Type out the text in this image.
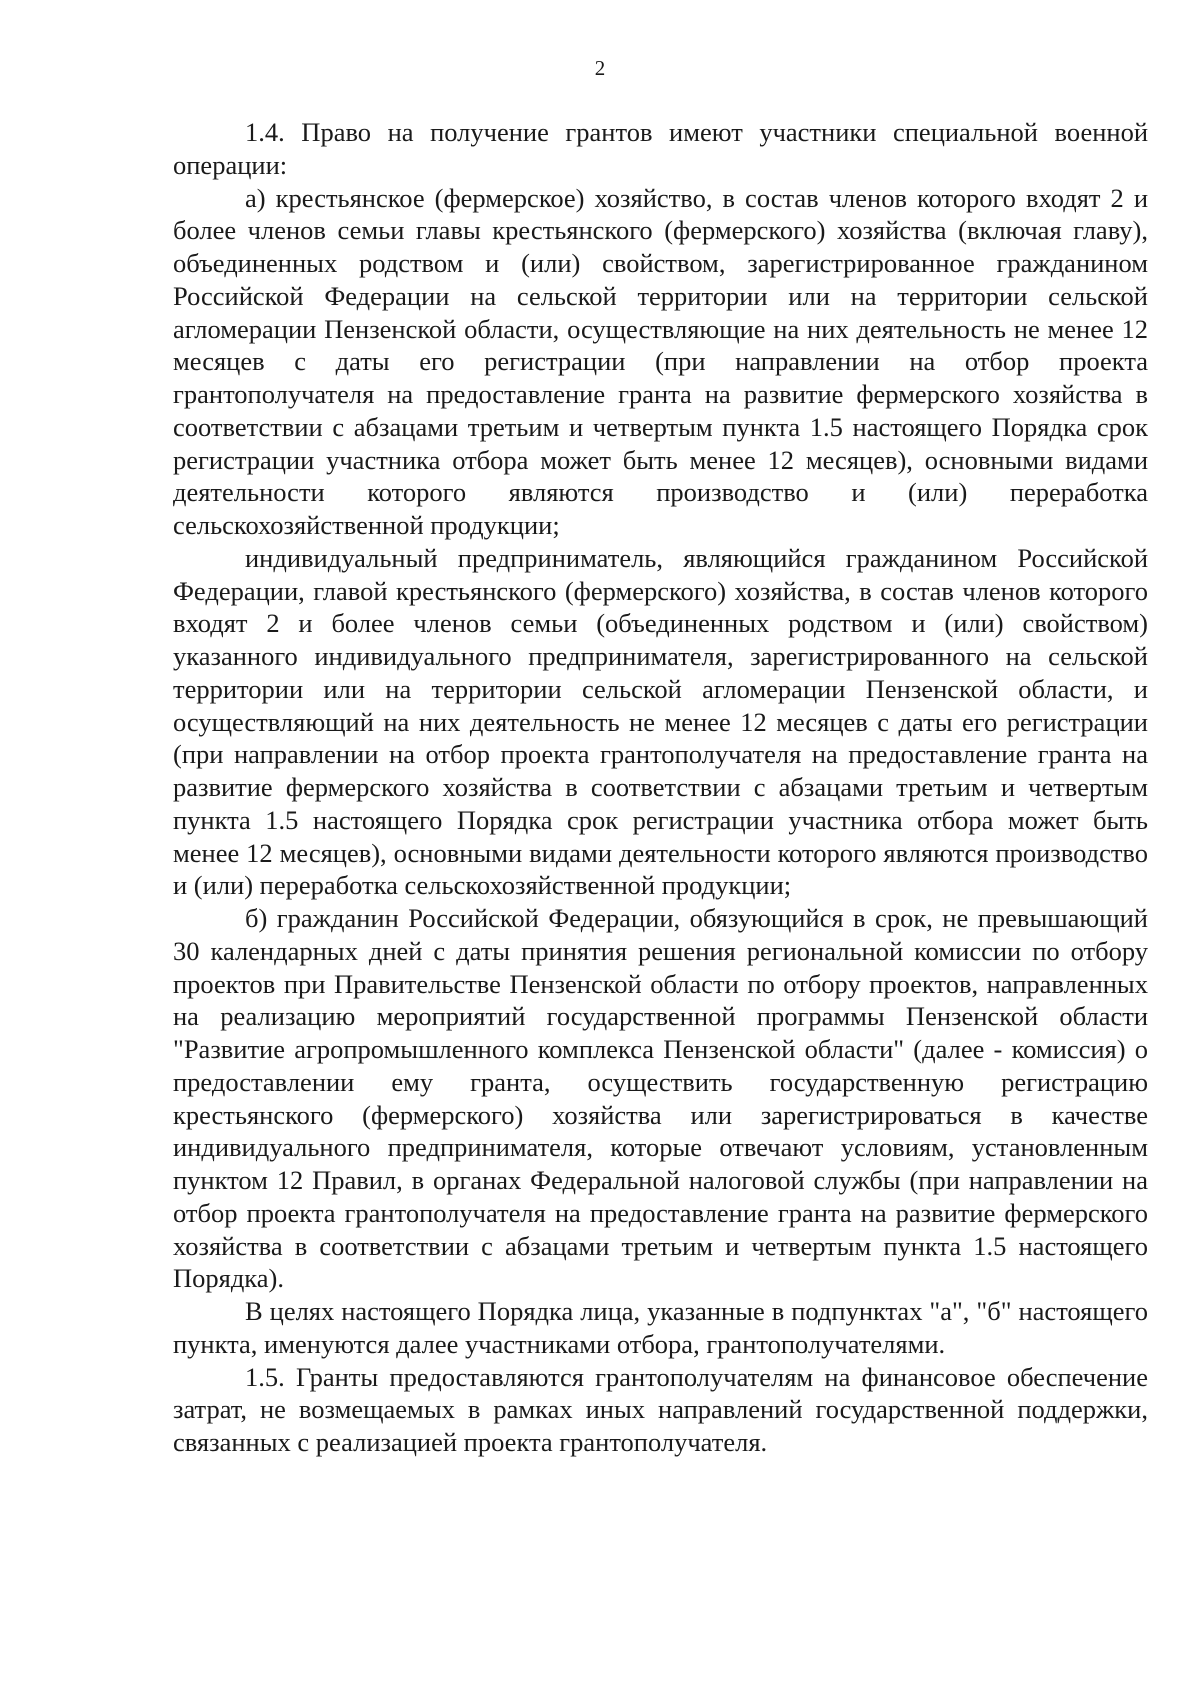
2

1.4. Право на получение грантов имеют участники специальной военной операции:

а) крестьянское (фермерское) хозяйство, в состав членов которого входят 2 и более членов семьи главы крестьянского (фермерского) хозяйства (включая главу), объединенных родством и (или) свойством, зарегистрированное гражданином Российской Федерации на сельской территории или на территории сельской агломерации Пензенской области, осуществляющие на них деятельность не менее 12 месяцев с даты его регистрации (при направлении на отбор проекта грантополучателя на предоставление гранта на развитие фермерского хозяйства в соответствии с абзацами третьим и четвертым пункта 1.5 настоящего Порядка срок регистрации участника отбора может быть менее 12 месяцев), основными видами деятельности которого являются производство и (или) переработка сельскохозяйственной продукции;

индивидуальный предприниматель, являющийся гражданином Российской Федерации, главой крестьянского (фермерского) хозяйства, в состав членов которого входят 2 и более членов семьи (объединенных родством и (или) свойством) указанного индивидуального предпринимателя, зарегистрированного на сельской территории или на территории сельской агломерации Пензенской области, и осуществляющий на них деятельность не менее 12 месяцев с даты его регистрации (при направлении на отбор проекта грантополучателя на предоставление гранта на развитие фермерского хозяйства в соответствии с абзацами третьим и четвертым пункта 1.5 настоящего Порядка срок регистрации участника отбора может быть менее 12 месяцев), основными видами деятельности которого являются производство и (или) переработка сельскохозяйственной продукции;

б) гражданин Российской Федерации, обязующийся в срок, не превышающий 30 календарных дней с даты принятия решения региональной комиссии по отбору проектов при Правительстве Пензенской области по отбору проектов, направленных на реализацию мероприятий государственной программы Пензенской области "Развитие агропромышленного комплекса Пензенской области" (далее - комиссия) о предоставлении ему гранта, осуществить государственную регистрацию крестьянского (фермерского) хозяйства или зарегистрироваться в качестве индивидуального предпринимателя, которые отвечают условиям, установленным пунктом 12 Правил, в органах Федеральной налоговой службы (при направлении на отбор проекта грантополучателя на предоставление гранта на развитие фермерского хозяйства в соответствии с абзацами третьим и четвертым пункта 1.5 настоящего Порядка).

В целях настоящего Порядка лица, указанные в подпунктах "а", "б" настоящего пункта, именуются далее участниками отбора, грантополучателями.

1.5. Гранты предоставляются грантополучателям на финансовое обеспечение затрат, не возмещаемых в рамках иных направлений государственной поддержки, связанных с реализацией проекта грантополучателя.
